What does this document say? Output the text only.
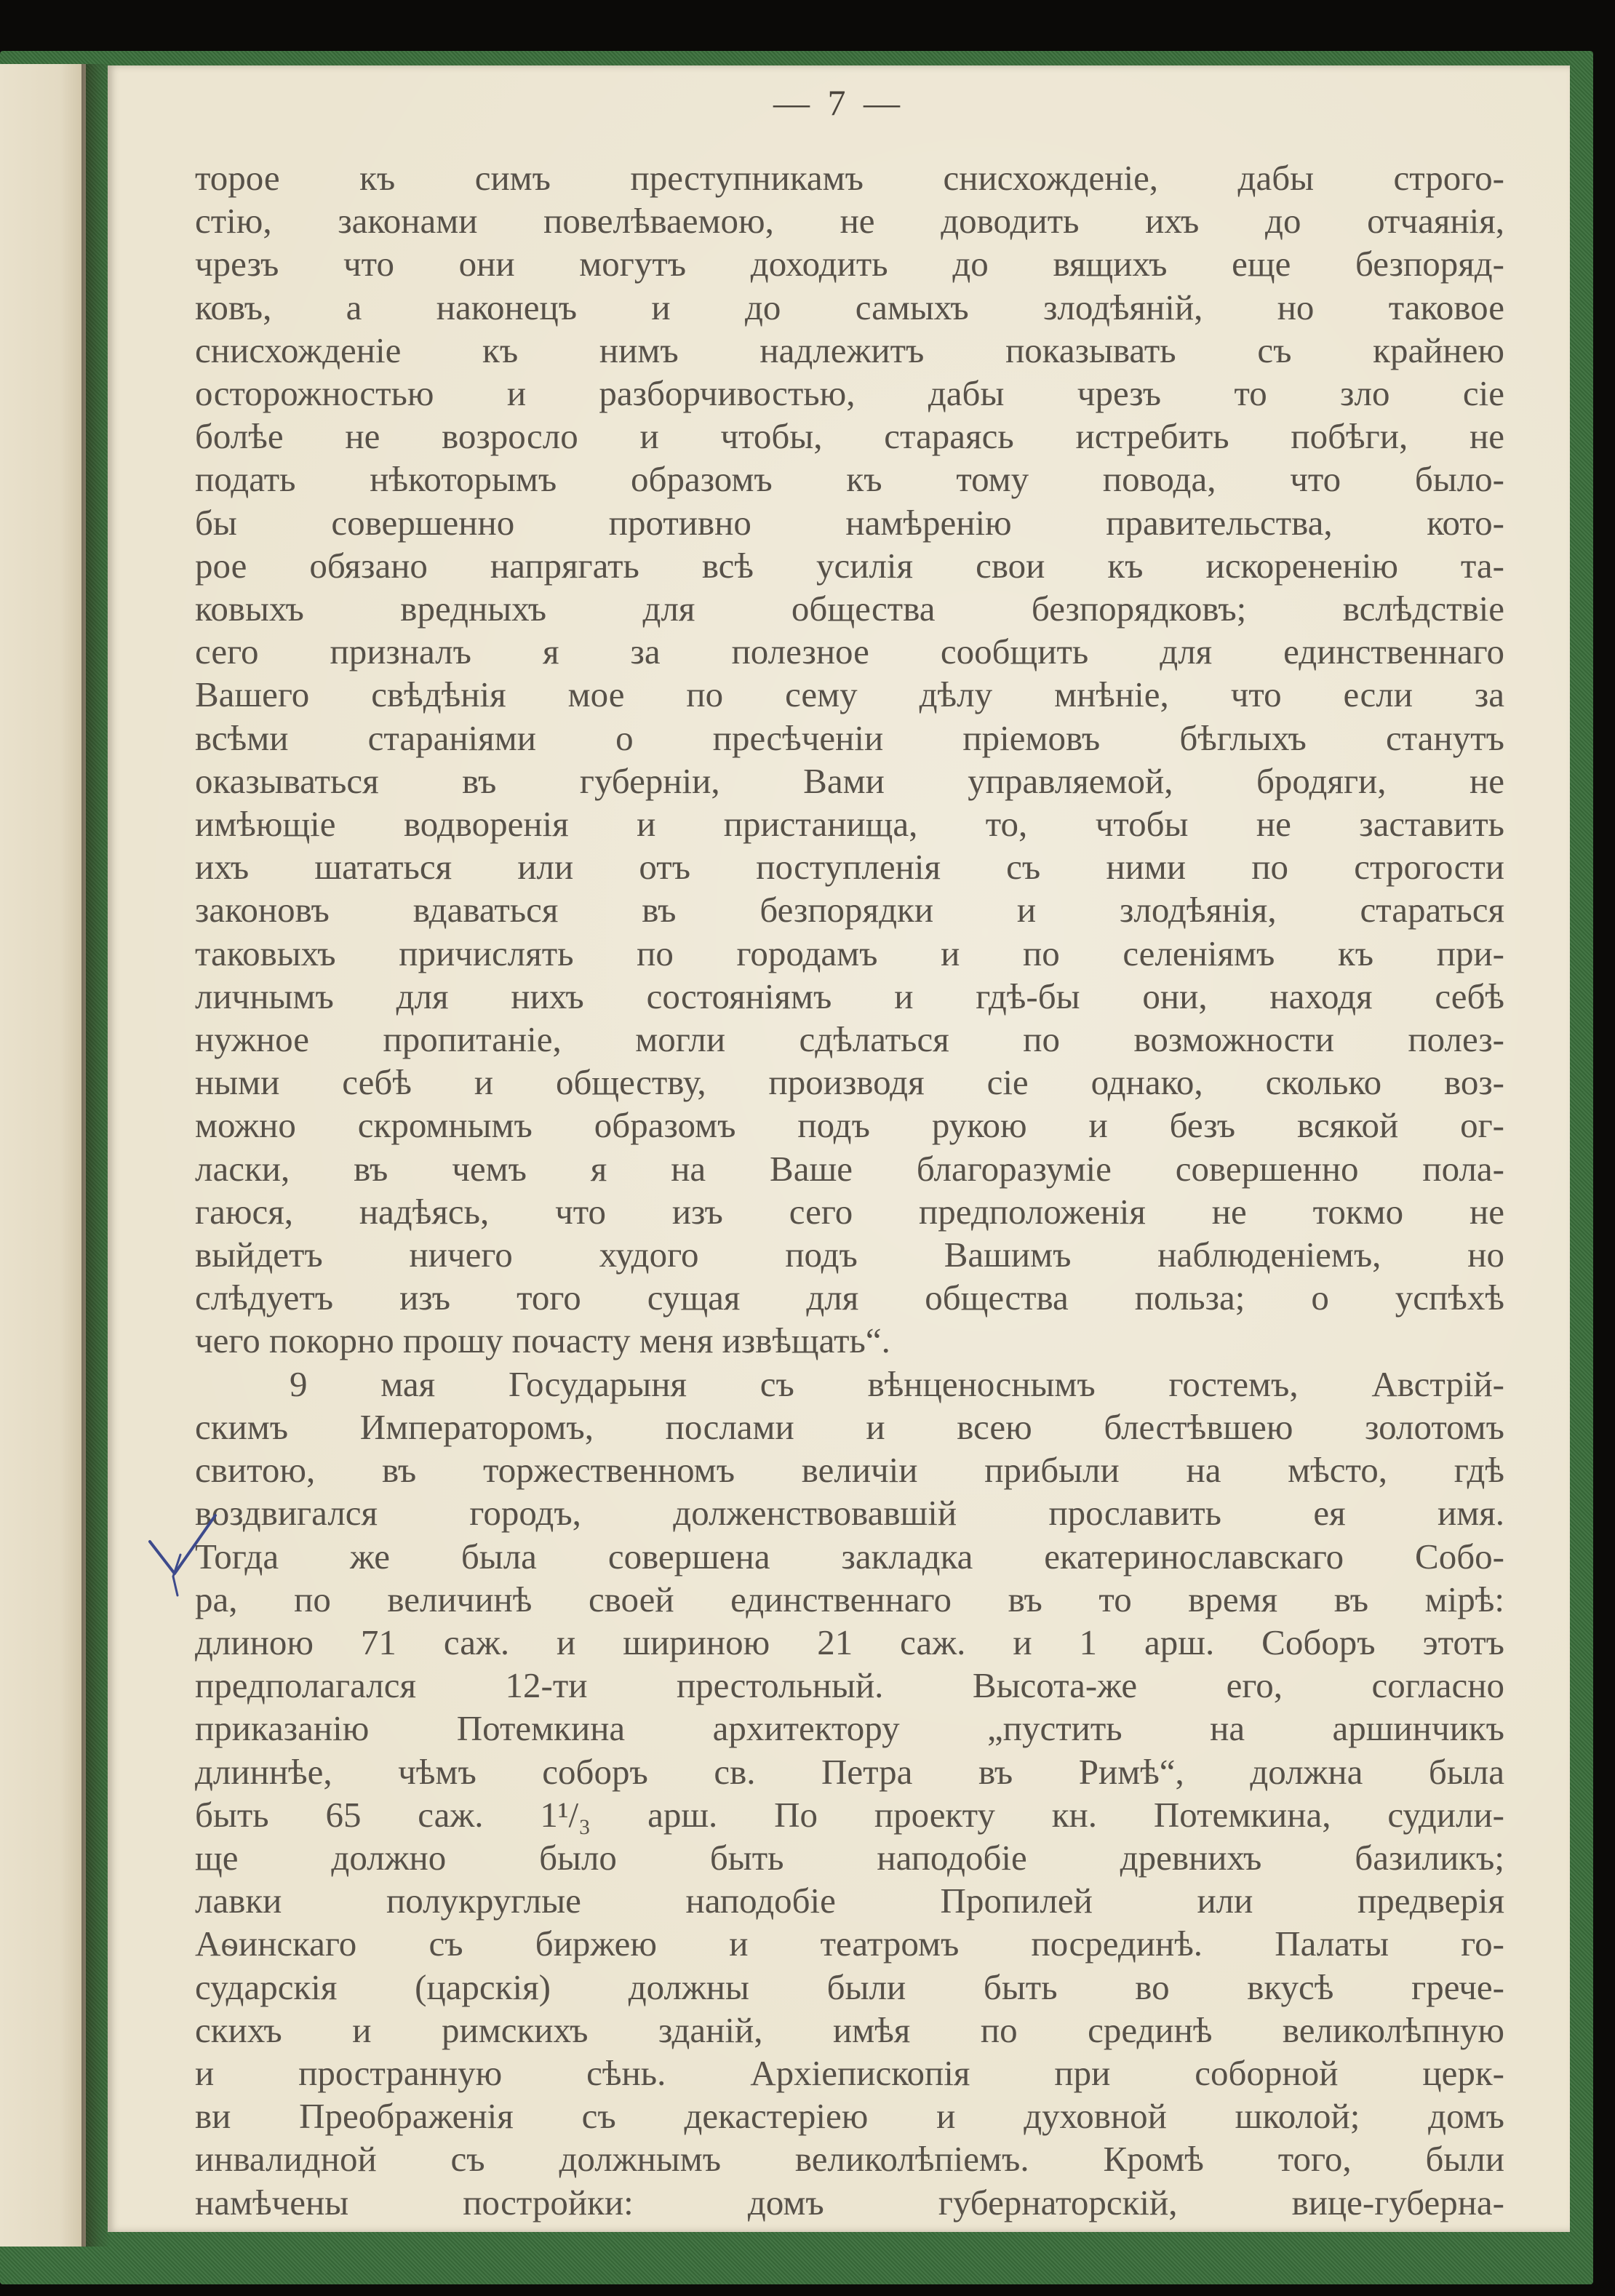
— 7 —
торое къ симъ преступникамъ снисхожденіе, дабы строго-
стію, законами повелѣваемою, не доводить ихъ до отчаянія,
чрезъ что они могутъ доходить до вящихъ еще безпоряд-
ковъ, а наконецъ и до самыхъ злодѣяній, но таковое
снисхожденіе къ нимъ надлежитъ показывать съ крайнею
осторожностью и разборчивостью, дабы чрезъ то зло сіе
болѣе не возросло и чтобы, стараясь истребить побѣги, не
подать нѣкоторымъ образомъ къ тому повода, что было-
бы совершенно противно намѣренію правительства, кото-
рое обязано напрягать всѣ усилія свои къ искорененію та-
ковыхъ вредныхъ для общества безпорядковъ; вслѣдствіе
сего призналъ я за полезное сообщить для единственнаго
Вашего свѣдѣнія мое по сему дѣлу мнѣніе, что если за
всѣми стараніями о пресѣченіи пріемовъ бѣглыхъ станутъ
оказываться въ губерніи, Вами управляемой, бродяги, не
имѣющіе водворенія и пристанища, то, чтобы не заставить
ихъ шататься или отъ поступленія съ ними по строгости
законовъ вдаваться въ безпорядки и злодѣянія, стараться
таковыхъ причислять по городамъ и по селеніямъ къ при-
личнымъ для нихъ состояніямъ и гдѣ-бы они, находя себѣ
нужное пропитаніе, могли сдѣлаться по возможности полез-
ными себѣ и обществу, производя сіе однако, сколько воз-
можно скромнымъ образомъ подъ рукою и безъ всякой ог-
ласки, въ чемъ я на Ваше благоразуміе совершенно пола-
гаюся, надѣясь, что изъ сего предположенія не токмо не
выйдетъ ничего худого подъ Вашимъ наблюденіемъ, но
слѣдуетъ изъ того сущая для общества польза; о успѣхѣ
чего покорно прошу почасту меня извѣщать“.
9 мая Государыня съ вѣнценоснымъ гостемъ, Австрій-
скимъ Императоромъ, послами и всею блестѣвшею золотомъ
свитою, въ торжественномъ величіи прибыли на мѣсто, гдѣ
воздвигался городъ, долженствовавшій прославить ея имя.
Тогда же была совершена закладка екатеринославскаго Собо-
ра, по величинѣ своей единственнаго въ то время въ мірѣ:
длиною 71 саж. и шириною 21 саж. и 1 арш. Соборъ этотъ
предполагался 12-ти престольный. Высота-же его, согласно
приказанію Потемкина архитектору „пустить на аршинчикъ
длиннѣе, чѣмъ соборъ св. Петра въ Римѣ“, должна была
быть 65 саж. 1¹/₃ арш. По проекту кн. Потемкина, судили-
ще должно было быть наподобіе древнихъ базиликъ;
лавки полукруглые наподобіе Пропилей или предверія
Аѳинскаго съ биржею и театромъ посрединѣ. Палаты го-
сударскія (царскія) должны были быть во вкусѣ грече-
скихъ и римскихъ зданій, имѣя по срединѣ великолѣпную
и пространную сѣнь. Архіепископія при соборной церк-
ви Преображенія съ декастеріею и духовной школой; домъ
инвалидной съ должнымъ великолѣпіемъ. Кромѣ того, были
намѣчены постройки: домъ губернаторскій, вице-губерна-
